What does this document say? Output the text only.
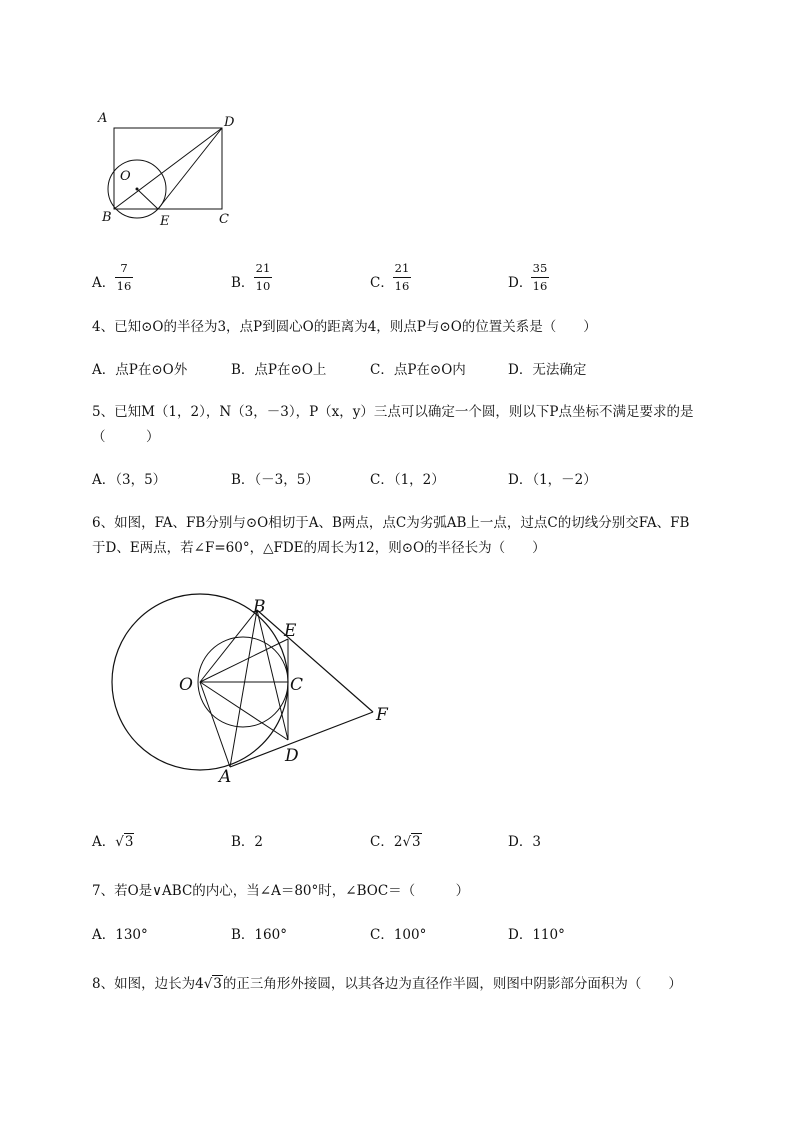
A	D
O
B	E	C
A．
7
16	B．
21
10	C．
21
16	D．
35
16
4、已知⊙O的半径为3，点P到圆心O的距离为4，则点P与⊙O的位置关系是（　　）
A．点P在⊙O外	B．点P在⊙O上	C．点P在⊙O内	D．无法确定
5、已知M（1，2），N（3，－3），P（x，y）三点可以确定一个圆，则以下P点坐标不满足要求的是
（　　　）
A．（3，5）	B．（－3，5）	C．（1，2）	D．（1，－2）
6、如图，FA、FB分别与⊙O相切于A、B两点，点C为劣弧AB上一点，过点C的切线分别交FA、FB
于D、E两点，若∠F=60°，△FDE的周长为12，则⊙O的半径长为（　　）
B
E
O	C
F
D
A
A．√3	B．2	C．2√3	D．3
7、若O是∨ABC的内心，当∠A＝80°时，∠BOC＝（　　　）
A．130°	B．160°	C．100°	D．110°
8、如图，边长为4√3的正三角形外接圆，以其各边为直径作半圆，则图中阴影部分面积为（　　）
